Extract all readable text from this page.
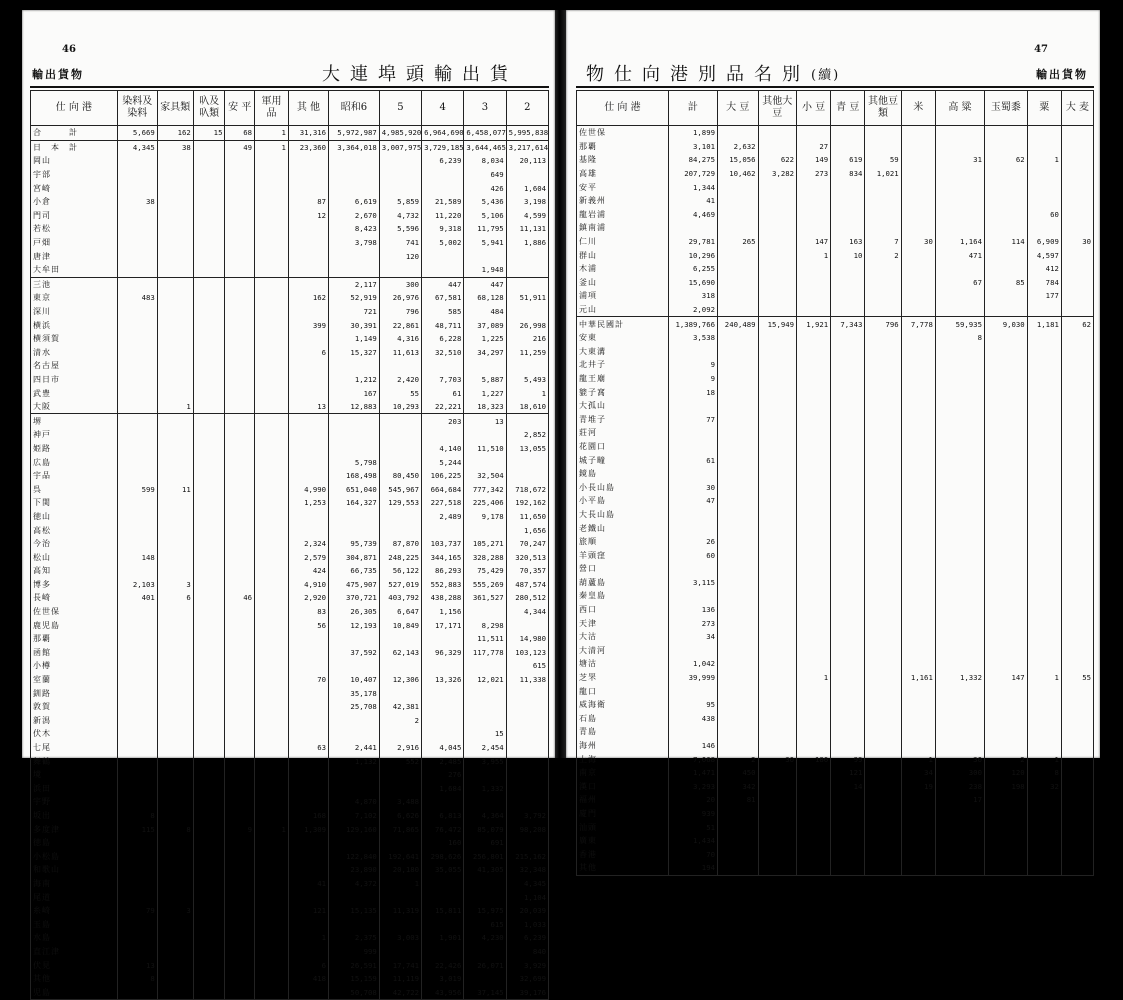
46
輸出貨物	大連埠頭輸出貨
仕 向 港	染料及染料	家具類	叺及叺類	安 平	軍用品	其 他	昭和6	5	4	3	2
合　　　計	5,669	162	15	68	1	31,316	5,972,987	4,985,920	6,964,690	6,458,077	5,995,838
日　本　計	4,345	38		49	1	23,360	3,364,018	3,007,975	3,729,185	3,644,465	3,217,614
岡山									6,239	8,034	20,113
宇部										649	
宮崎										426	1,604
小倉	38					87	6,619	5,859	21,589	5,436	3,198
門司						12	2,670	4,732	11,220	5,106	4,599
若松							8,423	5,596	9,318	11,795	11,131
戸畑							3,798	741	5,002	5,941	1,886
唐津								120			
大牟田										1,948	
三池							2,117	300	447	447	
東京	483					162	52,919	26,976	67,581	68,128	51,911
深川							721	796	585	484	
横浜						399	30,391	22,861	48,711	37,089	26,998
横須賀							1,149	4,316	6,228	1,225	216
清水						6	15,327	11,613	32,510	34,297	11,259
名古屋											
四日市							1,212	2,420	7,703	5,887	5,493
武豊							167	55	61	1,227	1
大阪		1				13	12,883	10,293	22,221	18,323	18,610
堺									203	13	
神戸											2,852
姫路									4,140	11,510	13,055
広島							5,798		5,244		
宇品							168,498	80,450	106,225	32,504	
呉	599	11				4,990	651,040	545,967	664,684	777,342	718,672
下関						1,253	164,327	129,553	227,518	225,406	192,162
徳山									2,489	9,178	11,650
高松											1,656
今治						2,324	95,739	87,870	103,737	105,271	70,247
松山	148					2,579	304,871	248,225	344,165	328,288	320,513
高知						424	66,735	56,122	86,293	75,429	70,357
博多	2,103	3				4,910	475,907	527,019	552,883	555,269	487,574
長崎	401	6		46		2,920	370,721	403,792	438,288	361,527	280,512
佐世保						83	26,305	6,647	1,156		4,344
鹿児島						56	12,193	10,849	17,171	8,298	
那覇										11,511	14,980
函館							37,592	62,143	96,329	117,778	103,123
小樽											615
室蘭						70	10,407	12,306	13,326	12,021	11,338
釧路							35,178				
敦賀							25,708	42,381			
新潟								2			
伏木										15	
七尾						63	2,441	2,916	4,045	2,454	
舞鶴							1,132	552	2,485	3,955	
境									276		
浜田									1,684	1,332	
宇野							4,870	3,488			
坂出	8					168	7,102	6,626	6,813	4,364	3,792
多度津	115	8		9	1	1,309	129,160	71,865	76,472	85,079	98,208
徳島									160	691	
小松島							122,840	192,641	298,626	256,801	215,162
和歌山							23,890	20,180	35,055	41,305	32,348
海南						41	4,372	1			4,345
尾道											1,104
糸崎	79	3				121	15,135	11,319	15,811	15,975	20,039
玉島										615	1,033
水島						1	2,375	3,003	1,901	4,230	6,239
直江津							999				840
伏見	13					6	26,591	17,741	22,426	26,071	3,929
其他	8					418	15,159	11,119	3,019		32,699
児島							50,708	42,722	43,956	37,145	39,176
47
輸出貨物
物仕向港別品名別 (續)
仕 向 港	計	大 豆	其他大豆	小 豆	青 豆	其他豆類	米	高 粱	玉蜀黍	粟	大 麦
佐世保	1,899										
那覇	3,101	2,632		27							
基隆	84,275	15,056	622	149	619	59		31	62	1	
高雄	207,729	10,462	3,282	273	834	1,021					
安平	1,344										
新義州	41										
龍岩浦	4,469									60	
鎮南浦											
仁川	29,781	265		147	163	7	30	1,164	114	6,909	30
群山	10,296			1	10	2		471		4,597	
木浦	6,255									412	
釜山	15,690							67	85	784	
浦項	318									177	
元山	2,092										
中華民國計	1,389,766	240,489	15,949	1,921	7,343	796	7,778	59,935	9,030	1,181	62
安東	3,538							8			
大東溝											
北井子	9										
龍王廟	9										
貔子窩	18										
大孤山											
青堆子	77										
莊河											
花園口											
城子疃	61										
鏡島											
小長山島	30										
小平島	47										
大長山島											
老鐵山											
旅順	26										
羊頭窪	60										
營口											
葫蘆島	3,115										
秦皇島											
西口	136										
天津	273										
大沽	34										
大清河											
塘沽	1,042										
芝罘	39,999			1			1,161	1,332	147	1	55
龍口											
威海衛	95										
石島	438										
青島											
海州	146										
上海	7,068	2	30	186	99		1	30	2	1	
南京	1,471	450			121		34	300	120	8	
漢口	3,293	342			14		19	238	198	32	
福州	20	81						17			
廈門	939										
汕頭	51										
廣東	1,434										
香港	70										
其他	194										
